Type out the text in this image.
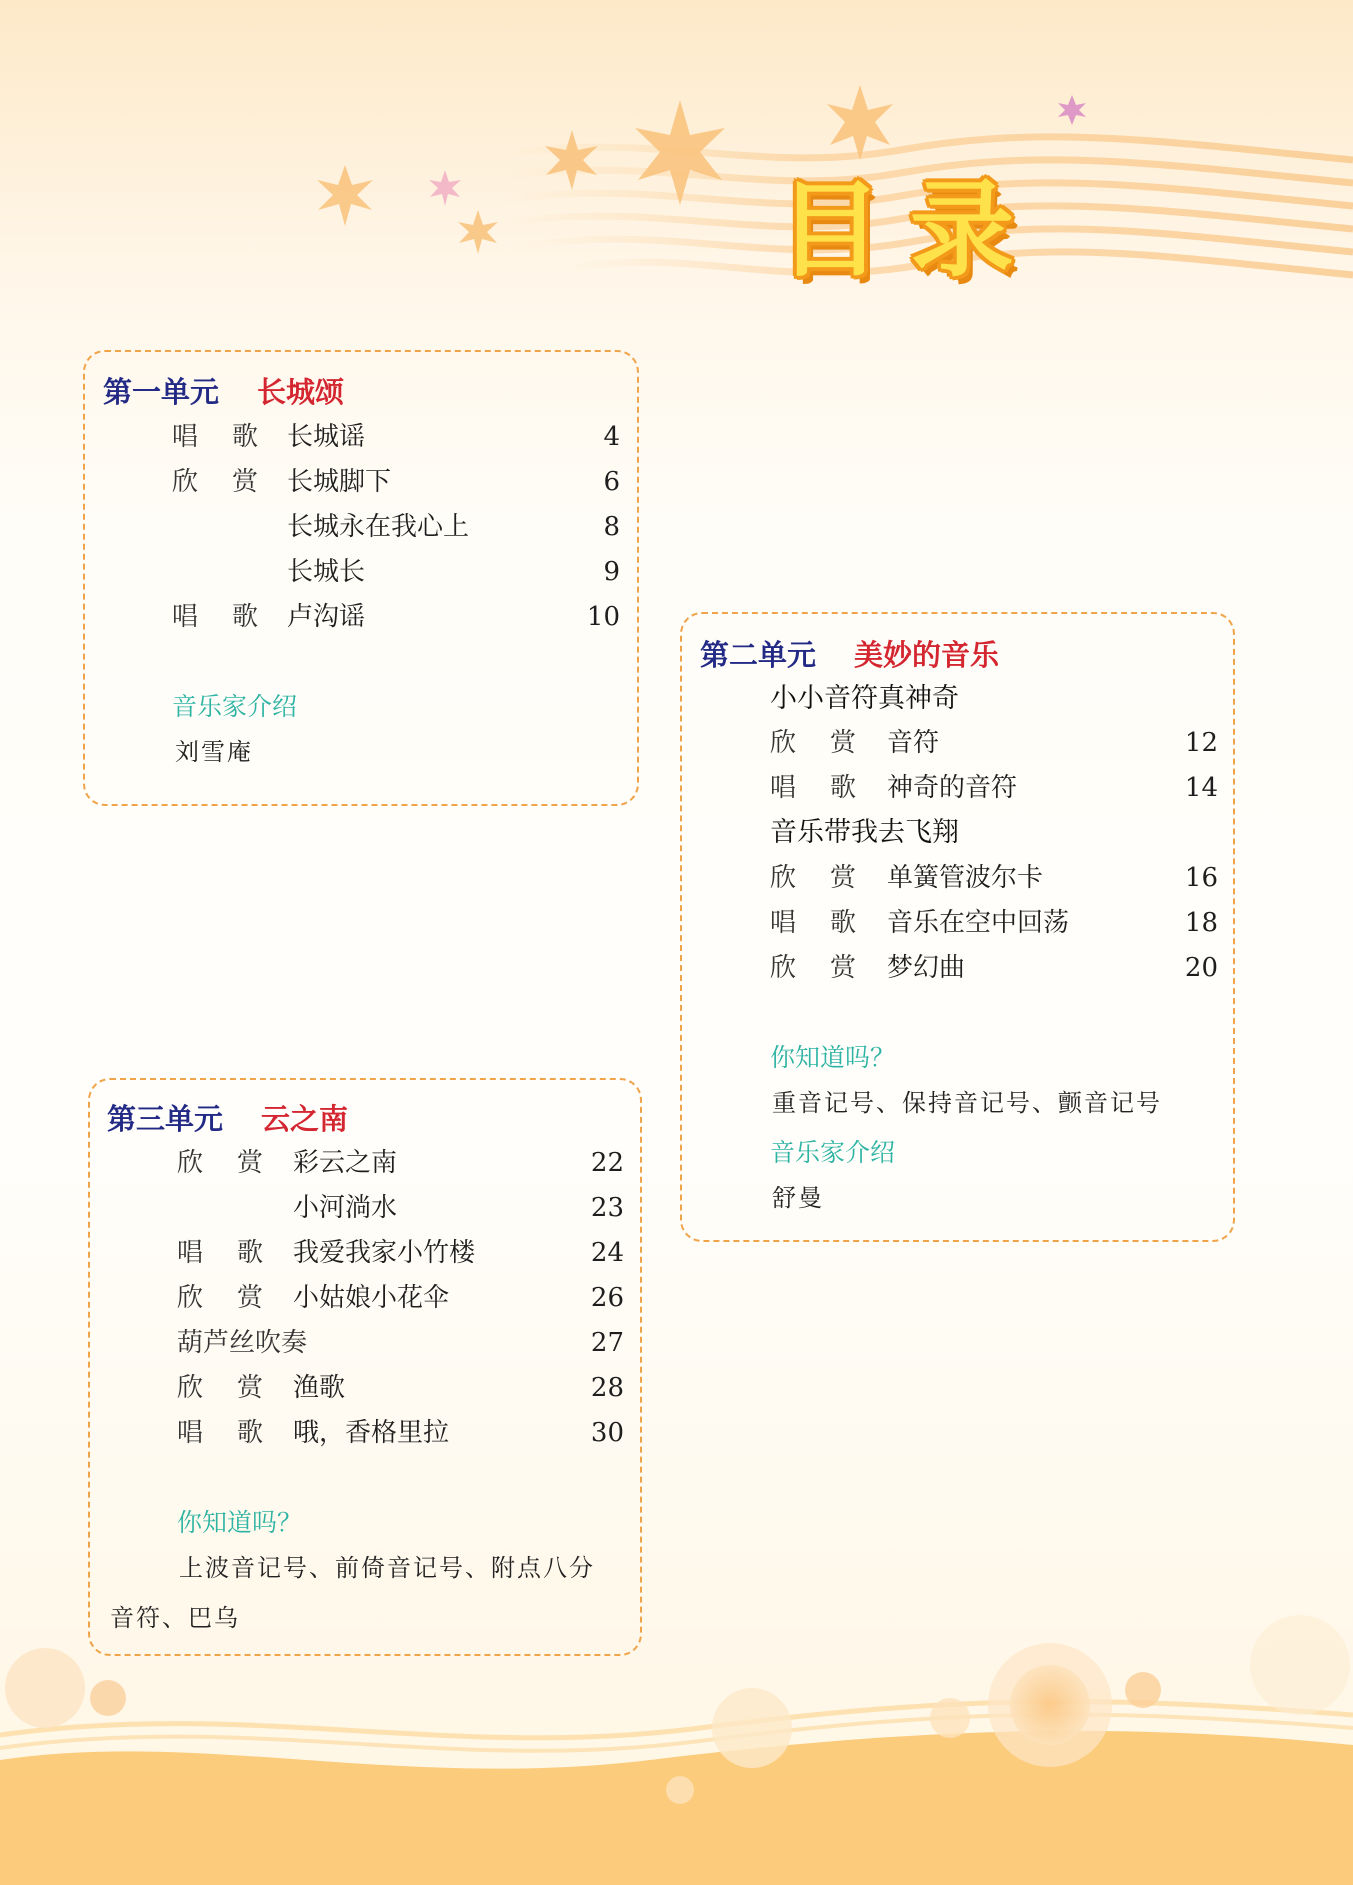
目录
第一单元 长城颂
唱 歌	长城谣	4
欣 赏	长城脚下	6
长城永在我心上	8
长城长	9
唱 歌	卢沟谣	10
音乐家介绍
刘雪庵
第二单元 美妙的音乐
小小音符真神奇
欣 赏	音符	12
唱 歌	神奇的音符	14
音乐带我去飞翔
欣 赏	单簧管波尔卡	16
唱 歌	音乐在空中回荡	18
欣 赏	梦幻曲	20
你知道吗？
重音记号、保持音记号、颤音记号
音乐家介绍
舒曼
第三单元 云之南
欣 赏	彩云之南	22
小河淌水	23
唱 歌	我爱我家小竹楼	24
欣 赏	小姑娘小花伞	26
葫芦丝吹奏	27
欣 赏	渔歌	28
唱 歌	哦，香格里拉	30
你知道吗？
上波音记号、前倚音记号、附点八分
音符、巴乌
